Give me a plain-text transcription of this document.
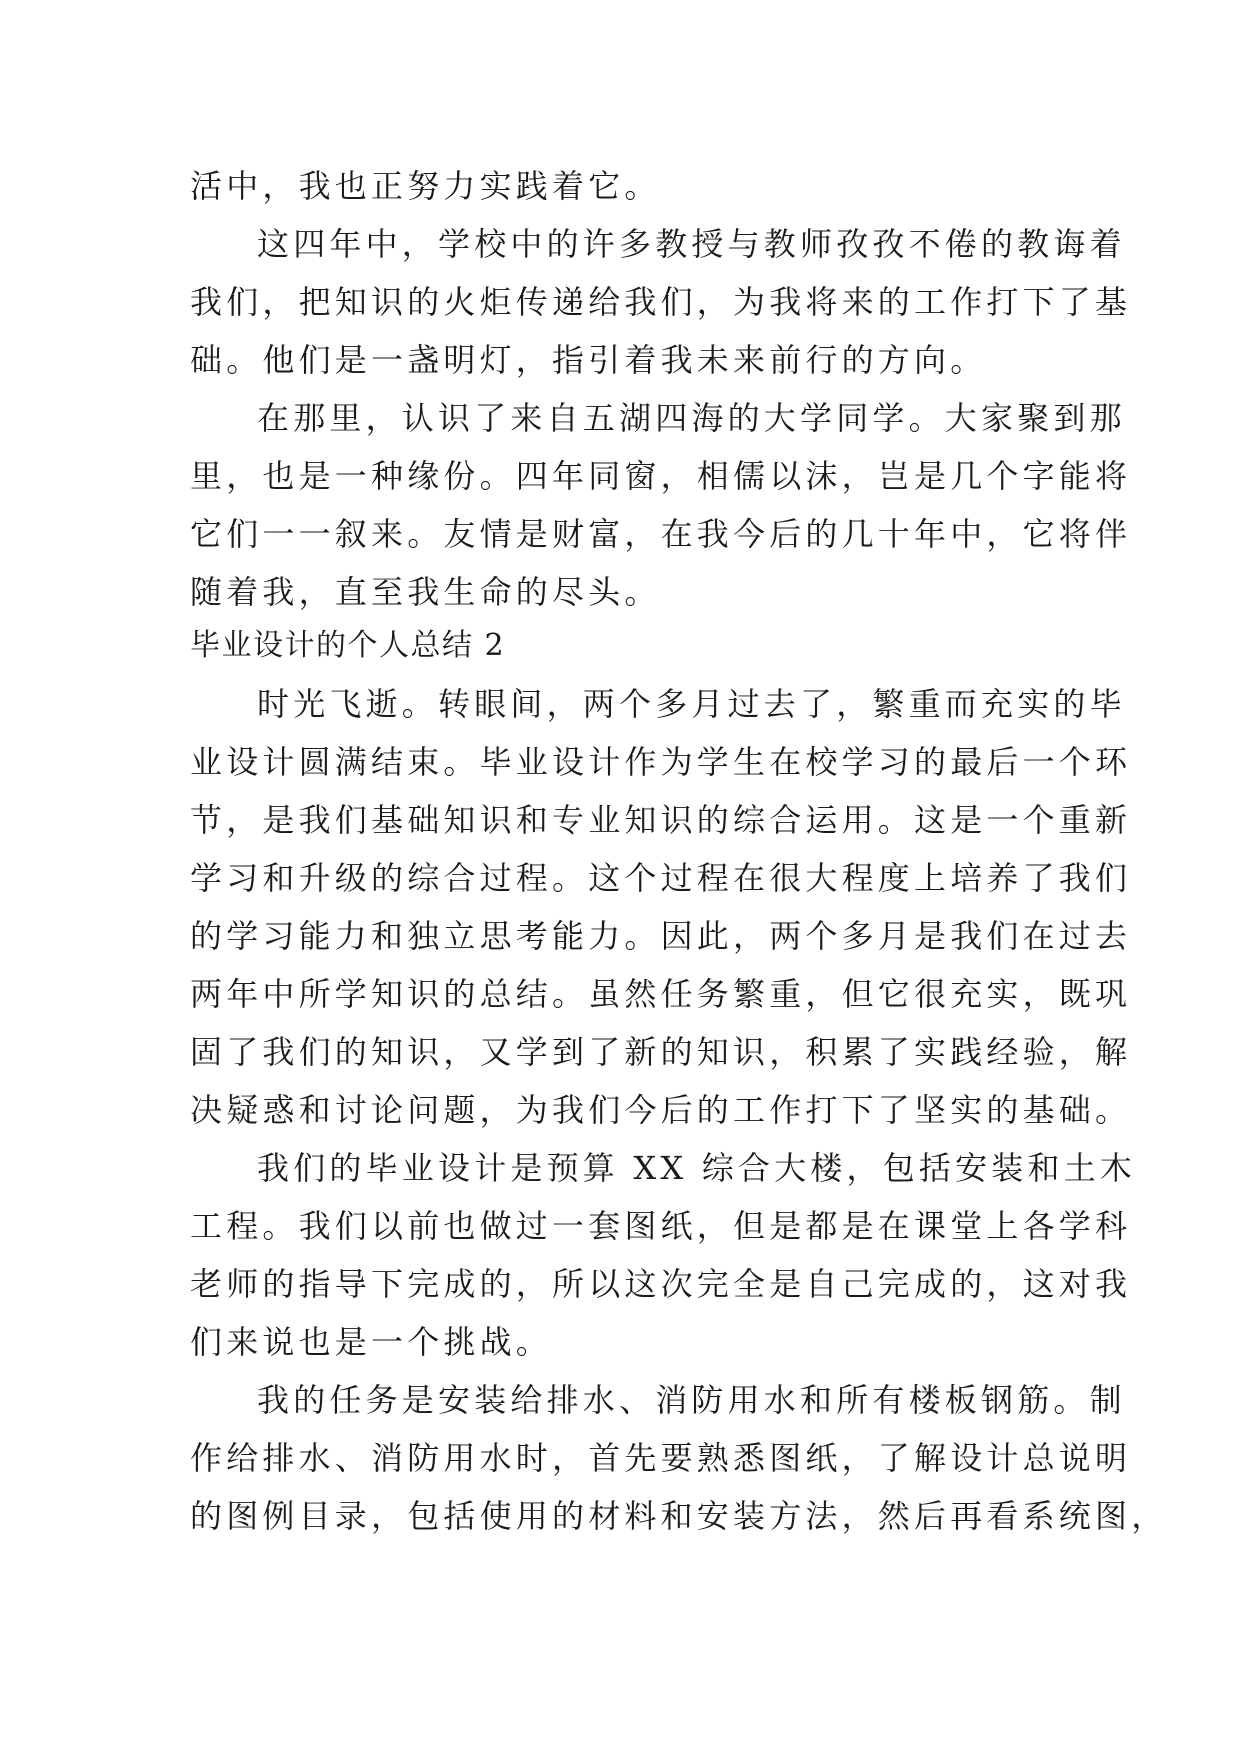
活中，我也正努力实践着它。
这四年中，学校中的许多教授与教师孜孜不倦的教诲着
我们，把知识的火炬传递给我们，为我将来的工作打下了基
础。他们是一盏明灯，指引着我未来前行的方向。
在那里，认识了来自五湖四海的大学同学。大家聚到那
里，也是一种缘份。四年同窗，相儒以沫，岂是几个字能将
它们一一叙来。友情是财富，在我今后的几十年中，它将伴
随着我，直至我生命的尽头。
毕业设计的个人总结 2
时光飞逝。转眼间，两个多月过去了，繁重而充实的毕
业设计圆满结束。毕业设计作为学生在校学习的最后一个环
节，是我们基础知识和专业知识的综合运用。这是一个重新
学习和升级的综合过程。这个过程在很大程度上培养了我们
的学习能力和独立思考能力。因此，两个多月是我们在过去
两年中所学知识的总结。虽然任务繁重，但它很充实，既巩
固了我们的知识，又学到了新的知识，积累了实践经验，解
决疑惑和讨论问题，为我们今后的工作打下了坚实的基础。
我们的毕业设计是预算 XX 综合大楼，包括安装和土木
工程。我们以前也做过一套图纸，但是都是在课堂上各学科
老师的指导下完成的，所以这次完全是自己完成的，这对我
们来说也是一个挑战。
我的任务是安装给排水、消防用水和所有楼板钢筋。制
作给排水、消防用水时，首先要熟悉图纸，了解设计总说明
的图例目录，包括使用的材料和安装方法，然后再看系统图，
